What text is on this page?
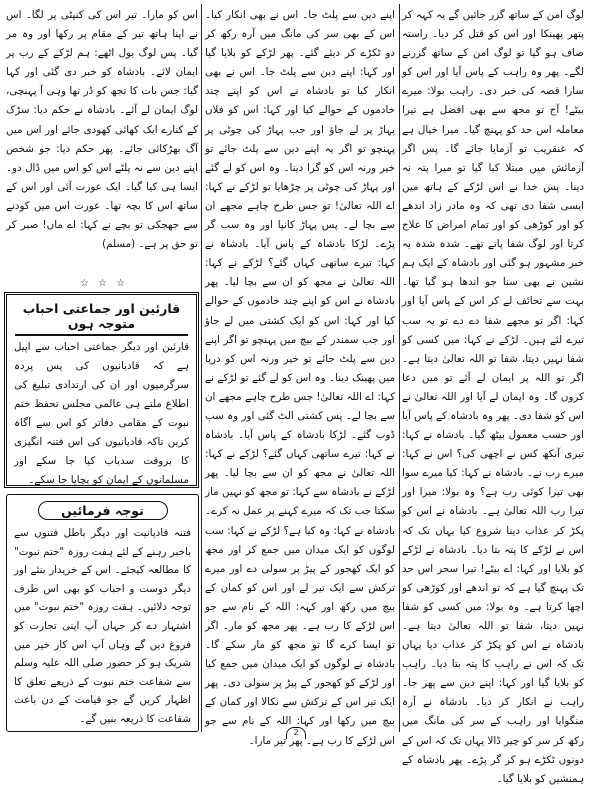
لوگ امن کے ساتھ گزر جائیں گے یہ کہہ کر پتھر پھینکا اور اس کو قتل کر دیا۔ راستہ صاف ہو گیا تو لوگ امن کے ساتھ گزرنے لگے۔ پھر وہ راہب کے پاس آیا اور اس کو سارا قصہ کی خبر دی۔ راہب بولا: میرے بیٹے! آج تو مجھ سے بھی افضل ہے تیرا معاملہ اس حد کو پہنچ گیا۔ میرا خیال ہے کہ عنقریب تو آزمایا جائے گا۔ پس اگر آزمائش میں مبتلا کیا گیا تو میرا پتہ نہ دینا۔ پس خدا نے اس لڑکے کے ہاتھ میں ایسی شفا دی تھی کہ وہ مادر زاد اندھے کو اور کوڑھی کو اور تمام امراض کا علاج کرتا اور لوگ شفا پاتے تھے۔ شدہ شدہ یہ خبر مشہور ہو گئی اور بادشاہ کے ایک ہم نشین نے بھی سنا جو اندھا ہو گیا تھا۔ بہت سے تحائف لے کر اس کے پاس آیا اور کہا: اگر تو مجھے شفا دے دے تو یہ سب تیرے لئے ہیں۔ لڑکے نے کہا: میں کسی کو شفا نہیں دیتا، شفا تو اللہ تعالیٰ دیتا ہے۔ اگر تو اللہ پر ایمان لے آئے تو میں دعا کروں گا۔ وہ ایمان لے آیا اور اللہ تعالیٰ نے اس کو شفا دی۔ پھر وہ بادشاہ کے پاس آیا اور حسب معمول بیٹھ گیا۔ بادشاہ نے کہا: تیری آنکھ کس نے اچھی کی؟ اس نے کہا: میرے رب نے۔ بادشاہ نے کہا: کیا میرے سوا بھی تیرا کوئی رب ہے؟ وہ بولا: میرا اور تیرا رب اللہ تعالیٰ ہے۔ بادشاہ نے اس کو پکڑ کر عذاب دینا شروع کیا یہاں تک کہ اس نے لڑکے کا پتہ بتا دیا۔ بادشاہ نے لڑکے کو بلایا اور کہا: اے بیٹے! تیرا سحر اس حد تک پہنچ گیا ہے کہ تو اندھے اور کوڑھی کو اچھا کرتا ہے۔ وہ بولا: میں کسی کو شفا نہیں دیتا، شفا تو اللہ تعالیٰ دیتا ہے۔ بادشاہ نے اس کو پکڑ کر عذاب دیا یہاں تک کہ اس نے راہب کا پتہ بتا دیا۔ راہب کو بلایا گیا اور کہا: اپنے دین سے پھر جا۔ راہب نے انکار کر دیا۔ بادشاہ نے آرہ منگوایا اور راہب کے سر کی مانگ میں رکھ کر سر کو چیر ڈالا یہاں تک کہ اس کے دونوں ٹکڑے ہو کر گر پڑے۔ پھر بادشاہ کے ہمنشین کو بلایا گیا۔

اپنے دین سے پلٹ جا۔ اس نے بھی انکار کیا۔ اس کے بھی سر کی مانگ میں آرہ رکھ کر دو ٹکڑے کر دیئے گئے۔ پھر لڑکے کو بلایا گیا اور کہا: اپنے دین سے پلٹ جا۔ اس نے بھی انکار کیا تو بادشاہ نے اس کو اپنے چند خادموں کے حوالے کیا اور کہا: اس کو فلاں پہاڑ پر لے جاؤ اور جب پہاڑ کی چوٹی پر پہنچو تو اگر یہ اپنے دین سے پلٹ جائے تو خیر ورنہ اس کو گرا دینا۔ وہ اس کو لے گئے اور پہاڑ کی چوٹی پر چڑھایا تو لڑکے نے کہا: اے اللہ تعالیٰ! تو جس طرح چاہے مجھے ان سے بچا لے۔ پس پہاڑ کانپا اور وہ سب گر پڑے۔ لڑکا بادشاہ کے پاس آیا۔ بادشاہ نے کہا: تیرے ساتھی کہاں گئے؟ لڑکے نے کہا: اللہ تعالیٰ نے مجھ کو ان سے بچا لیا۔ پھر بادشاہ نے اس کو اپنے چند خادموں کے حوالے کیا اور کہا: اس کو ایک کشتی میں لے جاؤ اور جب سمندر کے بیچ میں پہنچو تو اگر اپنے دین سے پلٹ جائے تو خیر ورنہ اس کو دریا میں پھینک دینا۔ وہ اس کو لے گئے تو لڑکے نے کہا: اے اللہ تعالیٰ! جس طرح چاہے مجھے ان سے بچا لے۔ پس کشتی الٹ گئی اور وہ سب ڈوب گئے۔ لڑکا بادشاہ کے پاس آیا۔ بادشاہ نے کہا: تیرے ساتھی کہاں گئے؟ لڑکے نے کہا: اللہ تعالیٰ نے مجھ کو ان سے بچا لیا۔ پھر لڑکے نے بادشاہ سے کہا: تو مجھ کو نہیں مار سکتا جب تک کہ میرے کہنے پر عمل نہ کرے۔ بادشاہ نے کہا: وہ کیا ہے؟ لڑکے نے کہا: سب لوگوں کو ایک میدان میں جمع کر اور مجھ کو ایک کھجور کے پیڑ پر سولی دے اور میرے ترکش سے ایک تیر لے اور اس کو کمان کے بیچ میں رکھ اور کہہ: اللہ کے نام سے جو اس لڑکے کا رب ہے۔ پھر مجھ کو مار۔ اگر تو ایسا کرے گا تو مجھ کو مار سکے گا۔ بادشاہ نے لوگوں کو ایک میدان میں جمع کیا اور لڑکے کو کھجور کے پیڑ پر سولی دی۔ پھر ایک تیر اس کے ترکش سے نکالا اور کمان کے بیچ میں رکھا اور کہا: اللہ کے نام سے جو اس لڑکے کا رب ہے۔ پھر تیر مارا۔

اس کو مارا۔ تیر اس کی کنپٹی پر لگا۔ اس نے اپنا ہاتھ تیر کے مقام پر رکھا اور وہ مر گیا۔ پس لوگ بول اٹھے: ہم لڑکے کے رب پر ایمان لائے۔ بادشاہ کو خبر دی گئی اور کہا گیا: جس بات کا تجھ کو ڈر تھا وہی آ پہنچی، لوگ ایمان لے آئے۔ بادشاہ نے حکم دیا: سڑک کے کنارے ایک کھائی کھودی جائے اور اس میں آگ بھڑکائی جائے۔ پھر حکم دیا: جو شخص اپنے دین سے نہ پلٹے اس کو اس میں ڈال دو۔ ایسا ہی کیا گیا۔ ایک عورت آئی اور اس کے ساتھ اس کا بچہ تھا۔ عورت اس میں کودنے سے جھجکی تو بچے نے کہا: اے ماں! صبر کر تو حق پر ہے۔ (مسلم)

☆ ☆ ☆
قارئین اور جماعتی احباب متوجہ ہوں
قارئین اور دیگر جماعتی احباب سے اپیل ہے کہ قادیانیوں کی پس پردہ سرگرمیوں اور ان کی ارتدادی تبلیغ کی اطلاع ملتے ہی عالمی مجلس تحفظ ختم نبوت کے مقامی دفاتر کو اس سے آگاہ کریں تاکہ قادیانیوں کی اس فتنہ انگیزی کا بروقت سدباب کیا جا سکے اور مسلمانوں کے ایمان کو بچایا جا سکے۔
توجہ فرمائیں
فتنہ قادیانیت اور دیگر باطل فتنوں سے باخبر رہنے کے لئے ہفت روزہ "ختم نبوت" کا مطالعہ کیجئے۔ اس کے خریدار بنئے اور دیگر دوست و احباب کو بھی اس طرف توجہ دلائیں۔ ہفت روزہ "ختم نبوت" میں اشتہار دے کر جہاں آپ اپنی تجارت کو فروغ دیں گے وہاں آپ اس کار خیر میں شریک ہو کر حضور صلی اللہ علیہ وسلم سے شفاعت ختم نبوت کے ذریعے تعلق کا اظہار کریں گے جو قیامت کے دن باعث شفاعت کا ذریعہ بنیں گے۔
2
